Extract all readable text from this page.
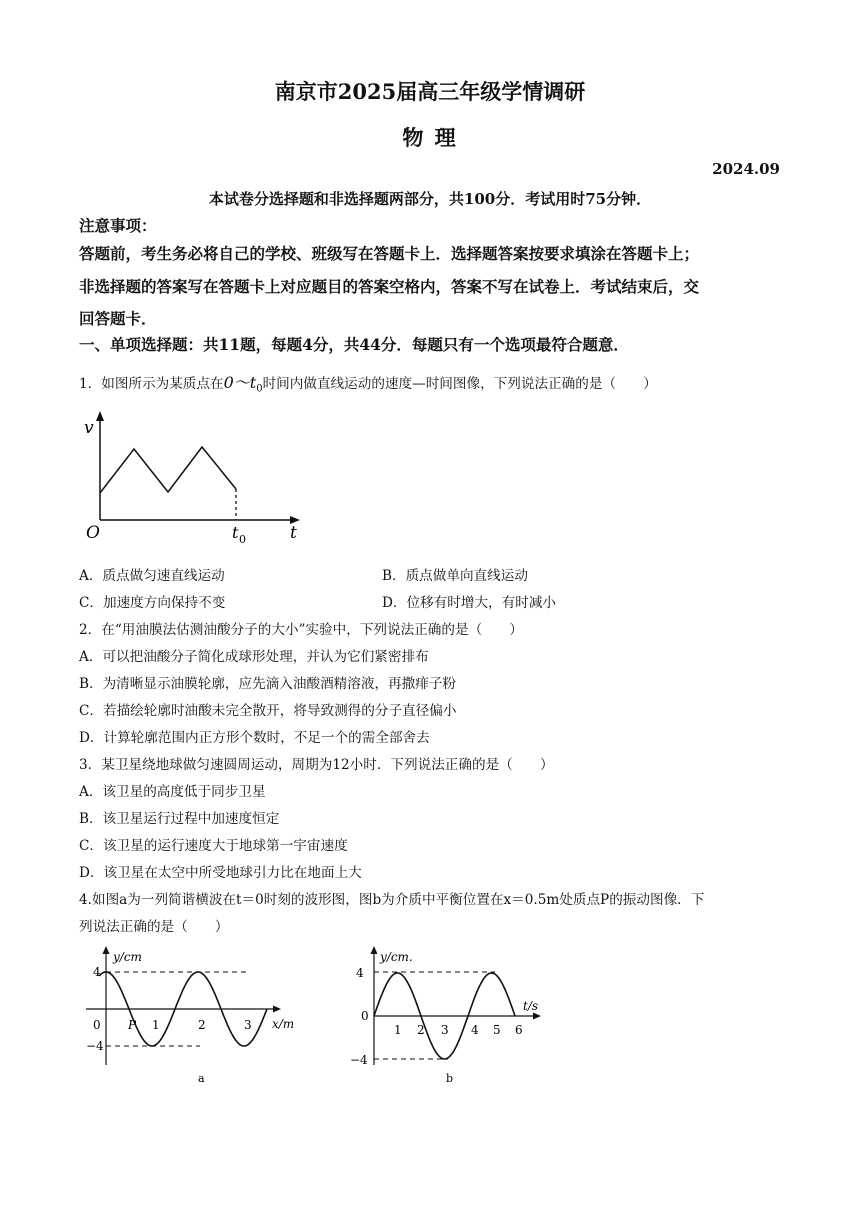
南京市2025届高三年级学情调研
物 理
2024.09
本试卷分选择题和非选择题两部分，共100分．考试用时75分钟．
注意事项：
答题前，考生务必将自己的学校、班级写在答题卡上．选择题答案按要求填涂在答题卡上；
非选择题的答案写在答题卡上对应题目的答案空格内，答案不写在试卷上．考试结束后，交
回答题卡．
一、单项选择题：共11题，每题4分，共44分．每题只有一个选项最符合题意．
1．如图所示为某质点在$0\sim t_0$时间内做直线运动的速度—时间图像，下列说法正确的是（　　）
v
t
O	t 0
A．质点做匀速直线运动	B．质点做单向直线运动
C．加速度方向保持不变	D．位移有时增大，有时减小
2．在“用油膜法估测油酸分子的大小”实验中，下列说法正确的是（　　）
A．可以把油酸分子简化成球形处理，并认为它们紧密排布
B．为清晰显示油膜轮廓，应先滴入油酸酒精溶液，再撒痱子粉
C．若描绘轮廓时油酸未完全散开，将导致测得的分子直径偏小
D．计算轮廓范围内正方形个数时，不足一个的需全部舍去
3．某卫星绕地球做匀速圆周运动，周期为12小时．下列说法正确的是（　　）
A．该卫星的高度低于同步卫星
B．该卫星运行过程中加速度恒定
C．该卫星的运行速度大于地球第一宇宙速度
D．该卫星在太空中所受地球引力比在地面上大
4.如图a为一列简谐横波在t＝0时刻的波形图，图b为介质中平衡位置在x＝0.5m处质点P的振动图像．下
列说法正确的是（　　）
y/cm
x/m
4
0
−4
P 1	2	3
a
y/cm.
t/s
4
0
−4
1 2 3 4 5 6
b
